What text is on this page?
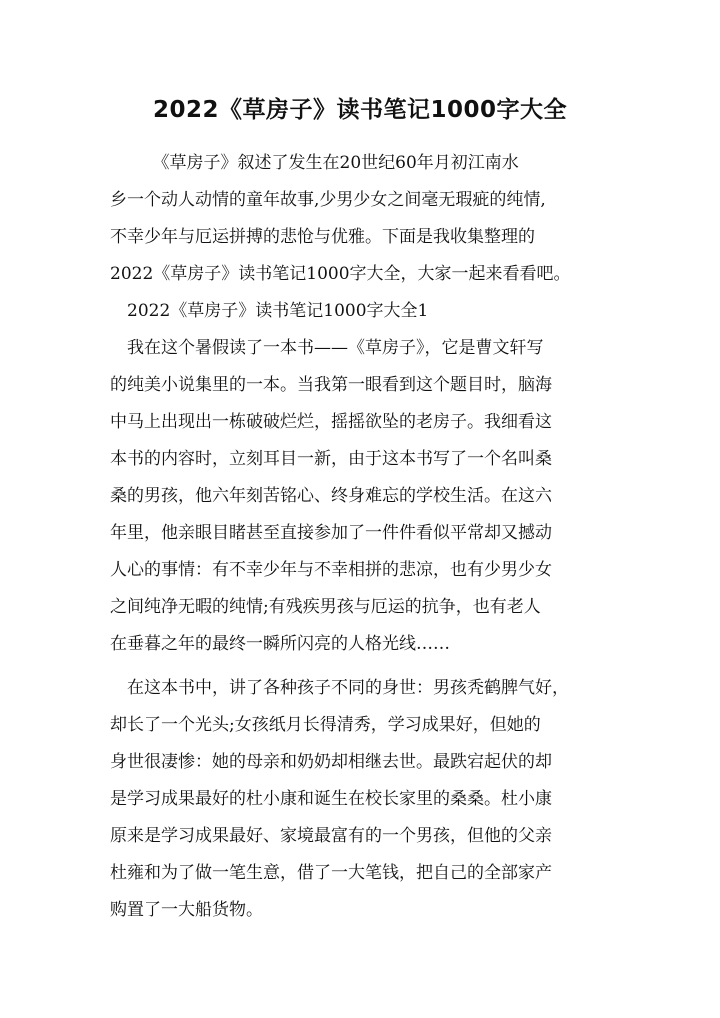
2022《草房子》读书笔记1000字大全
　　　《草房子》叙述了发生在20世纪60年月初江南水
乡一个动人动情的童年故事,少男少女之间毫无瑕疵的纯情,
不幸少年与厄运拼搏的悲怆与优雅。下面是我收集整理的
2022《草房子》读书笔记1000字大全，大家一起来看看吧。
　2022《草房子》读书笔记1000字大全1
　我在这个暑假读了一本书——《草房子》，它是曹文轩写
的纯美小说集里的一本。当我第一眼看到这个题目时，脑海
中马上出现出一栋破破烂烂，摇摇欲坠的老房子。我细看这
本书的内容时，立刻耳目一新，由于这本书写了一个名叫桑
桑的男孩，他六年刻苦铭心、终身难忘的学校生活。在这六
年里，他亲眼目睹甚至直接参加了一件件看似平常却又撼动
人心的事情：有不幸少年与不幸相拼的悲凉，也有少男少女
之间纯净无暇的纯情;有残疾男孩与厄运的抗争，也有老人
在垂暮之年的最终一瞬所闪亮的人格光线……
　在这本书中，讲了各种孩子不同的身世：男孩秃鹤脾气好，
却长了一个光头;女孩纸月长得清秀，学习成果好，但她的
身世很凄惨：她的母亲和奶奶却相继去世。最跌宕起伏的却
是学习成果最好的杜小康和诞生在校长家里的桑桑。杜小康
原来是学习成果最好、家境最富有的一个男孩，但他的父亲
杜雍和为了做一笔生意，借了一大笔钱，把自己的全部家产
购置了一大船货物。
